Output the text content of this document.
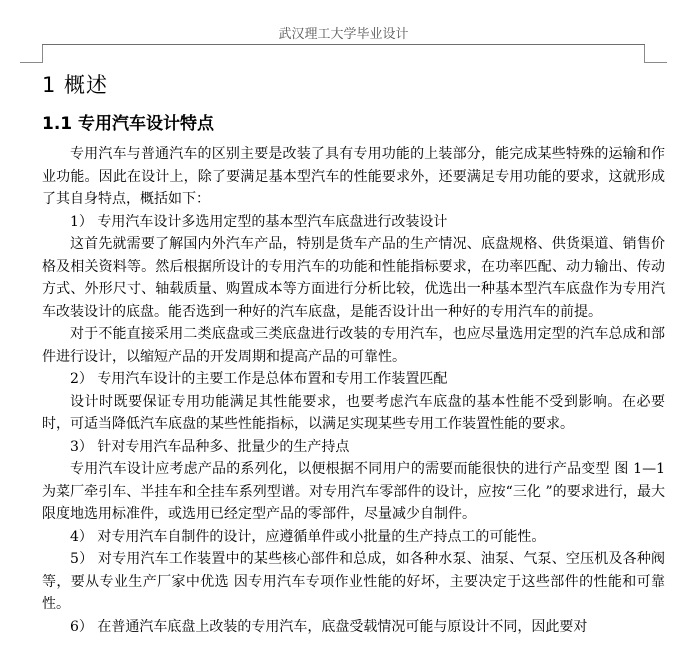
武汉理工大学毕业设计
1 概述
1.1 专用汽车设计特点

专用汽车与普通汽车的区别主要是改装了具有专用功能的上装部分，能完成某些特殊的运输和作业功能。因此在设计上，除了要满足基本型汽车的性能要求外，还要满足专用功能的要求，这就形成了其自身特点，概括如下：

1） 专用汽车设计多选用定型的基本型汽车底盘进行改装设计

这首先就需要了解国内外汽车产品，特别是货车产品的生产情况、底盘规格、供货渠道、销售价格及相关资料等。然后根据所设计的专用汽车的功能和性能指标要求，在功率匹配、动力输出、传动方式、外形尺寸、轴载质量、购置成本等方面进行分析比较，优选出一种基本型汽车底盘作为专用汽车改装设计的底盘。能否选到一种好的汽车底盘，是能否设计出一种好的专用汽车的前提。

对于不能直接采用二类底盘或三类底盘进行改装的专用汽车，也应尽量选用定型的汽车总成和部件进行设计，以缩短产品的开发周期和提高产品的可靠性。

2） 专用汽车设计的主要工作是总体布置和专用工作装置匹配

设计时既要保证专用功能满足其性能要求，也要考虑汽车底盘的基本性能不受到影响。在必要时，可适当降低汽车底盘的某些性能指标，以满足实现某些专用工作装置性能的要求。

3） 针对专用汽车品种多、批量少的生产持点

专用汽车设计应考虑产品的系列化，以便根据不同用户的需要而能很快的进行产品变型 图 1—1 为菜厂牵引车、半挂车和全挂车系列型谱。对专用汽车零部件的设计，应按“三化 ”的要求进行，最大限度地选用标准件，或选用已经定型产品的零部件，尽量减少自制件。

4） 对专用汽车自制件的设计，应遵循单件或小批量的生产持点工的可能性。

5） 对专用汽车工作装置中的某些核心部件和总成，如各种水泵、油泵、气泵、空压机及各种阀等，要从专业生产厂家中优选 因专用汽车专项作业性能的好坏，主要决定于这些部件的性能和可靠性。

6） 在普通汽车底盘上改装的专用汽车，底盘受载情况可能与原设计不同，因此要对
